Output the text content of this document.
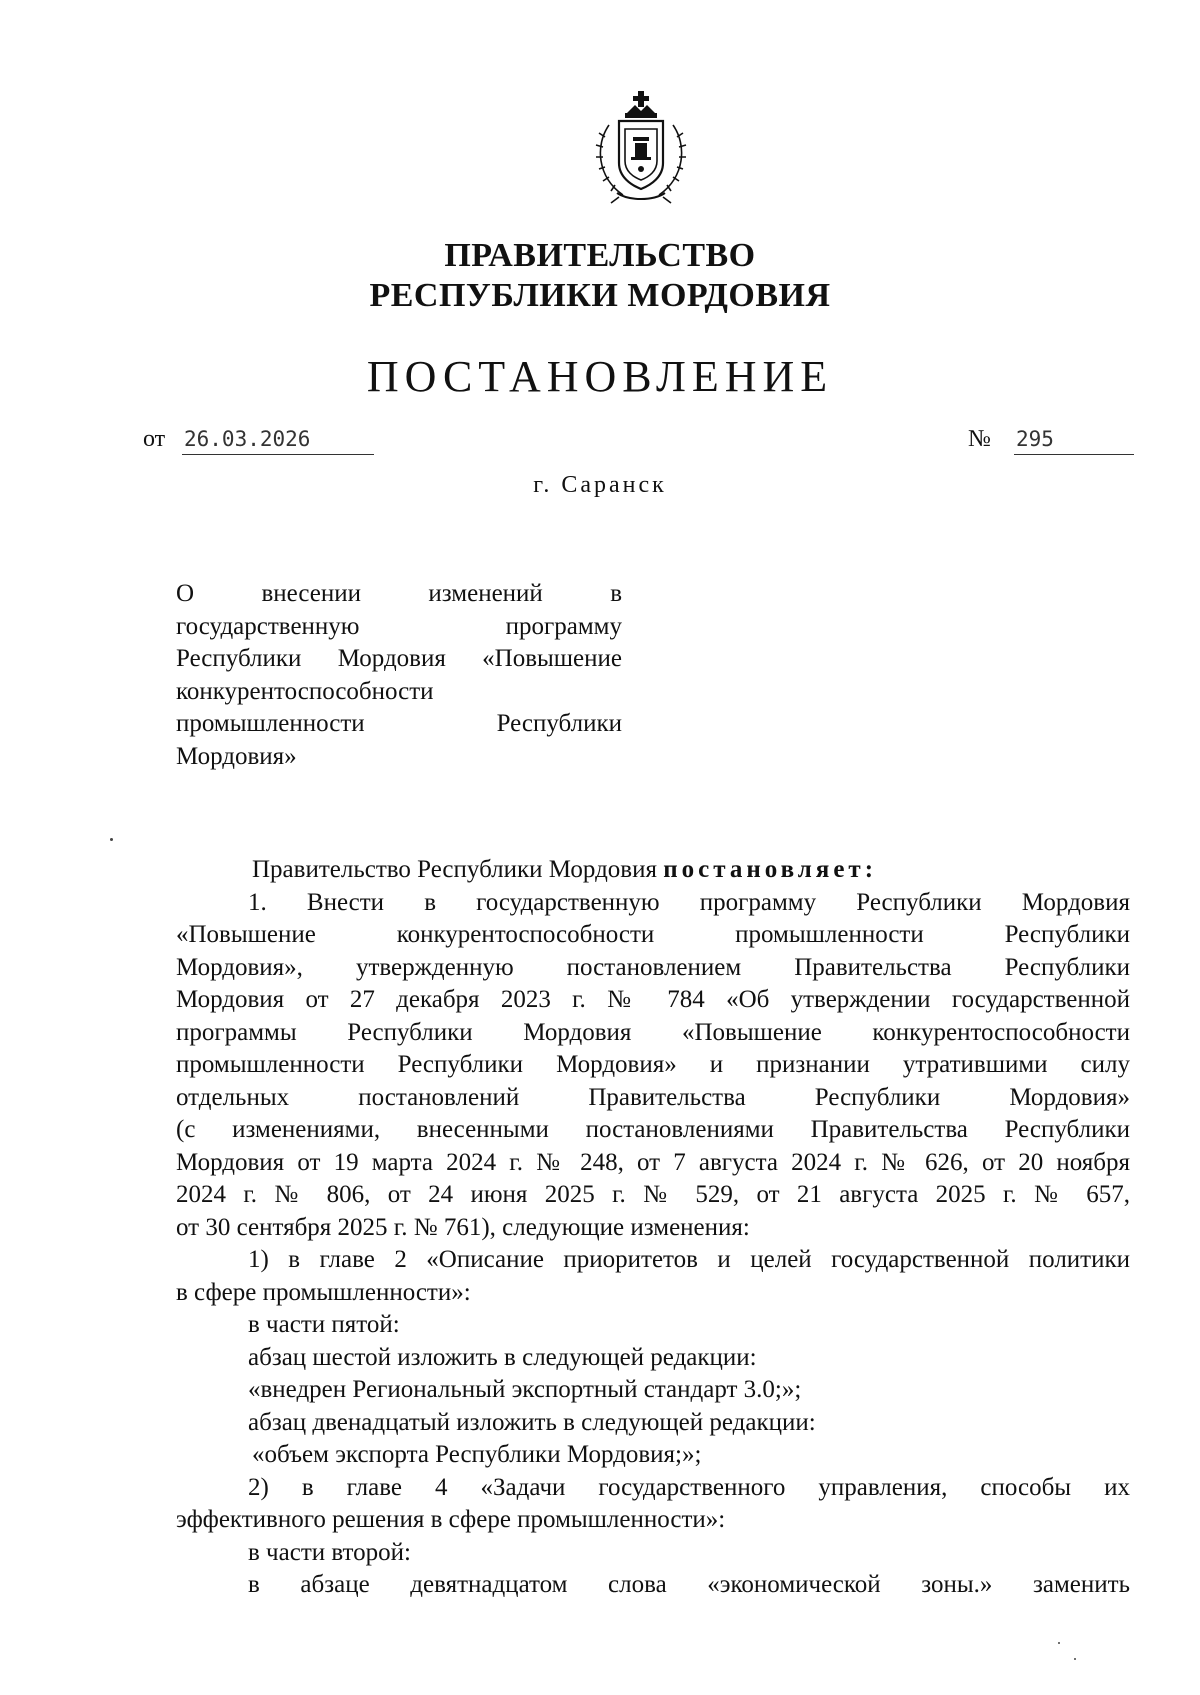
ПРАВИТЕЛЬСТВО
РЕСПУБЛИКИ МОРДОВИЯ
ПОСТАНОВЛЕНИЕ
от 26.03.2026	№ 295
г. Саранск
О внесении изменений в
государственную программу
Республики Мордовия «Повышение
конкурентоспособности
промышленности Республики
Мордовия»
Правительство Республики Мордовия постановляет:
1. Внести в государственную программу Республики Мордовия
«Повышение конкурентоспособности промышленности Республики
Мордовия», утвержденную постановлением Правительства Республики
Мордовия от 27 декабря 2023 г. № 784 «Об утверждении государственной
программы Республики Мордовия «Повышение конкурентоспособности
промышленности Республики Мордовия» и признании утратившими силу
отдельных постановлений Правительства Республики Мордовия»
(с изменениями, внесенными постановлениями Правительства Республики
Мордовия от 19 марта 2024 г. № 248, от 7 августа 2024 г. № 626, от 20 ноября
2024 г. № 806, от 24 июня 2025 г. № 529, от 21 августа 2025 г. № 657,
от 30 сентября 2025 г. № 761), следующие изменения:
1) в главе 2 «Описание приоритетов и целей государственной политики
в сфере промышленности»:
в части пятой:
абзац шестой изложить в следующей редакции:
«внедрен Региональный экспортный стандарт 3.0;»;
абзац двенадцатый изложить в следующей редакции:
«объем экспорта Республики Мордовия;»;
2) в главе 4 «Задачи государственного управления, способы их
эффективного решения в сфере промышленности»:
в части второй:
в абзаце девятнадцатом слова «экономической зоны.» заменить
